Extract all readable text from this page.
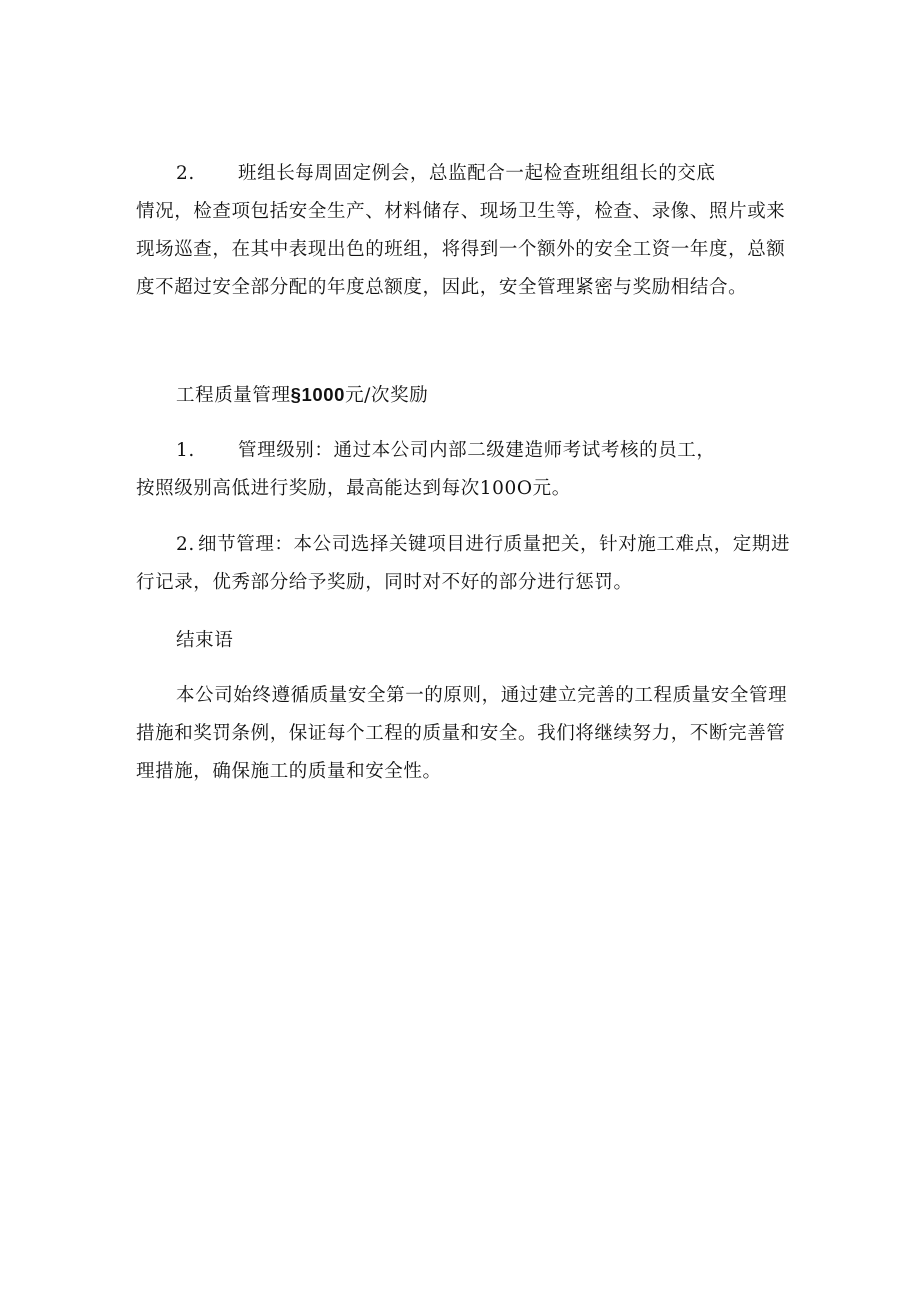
2. 班组长每周固定例会，总监配合一起检查班组组长的交底
情况，检查项包括安全生产、材料储存、现场卫生等，检查、录像、照片或来现场巡查，在其中表现出色的班组，将得到一个额外的安全工资一年度，总额度不超过安全部分配的年度总额度，因此，安全管理紧密与奖励相结合。
工程质量管理§1000元/次奖励
1. 管理级别：通过本公司内部二级建造师考试考核的员工，
按照级别高低进行奖励，最高能达到每次100O元。
2. 细节管理：本公司选择关键项目进行质量把关，针对施工难点，定期进行记录，优秀部分给予奖励，同时对不好的部分进行惩罚。
结束语
本公司始终遵循质量安全第一的原则，通过建立完善的工程质量安全管理措施和奖罚条例，保证每个工程的质量和安全。我们将继续努力，不断完善管理措施，确保施工的质量和安全性。
